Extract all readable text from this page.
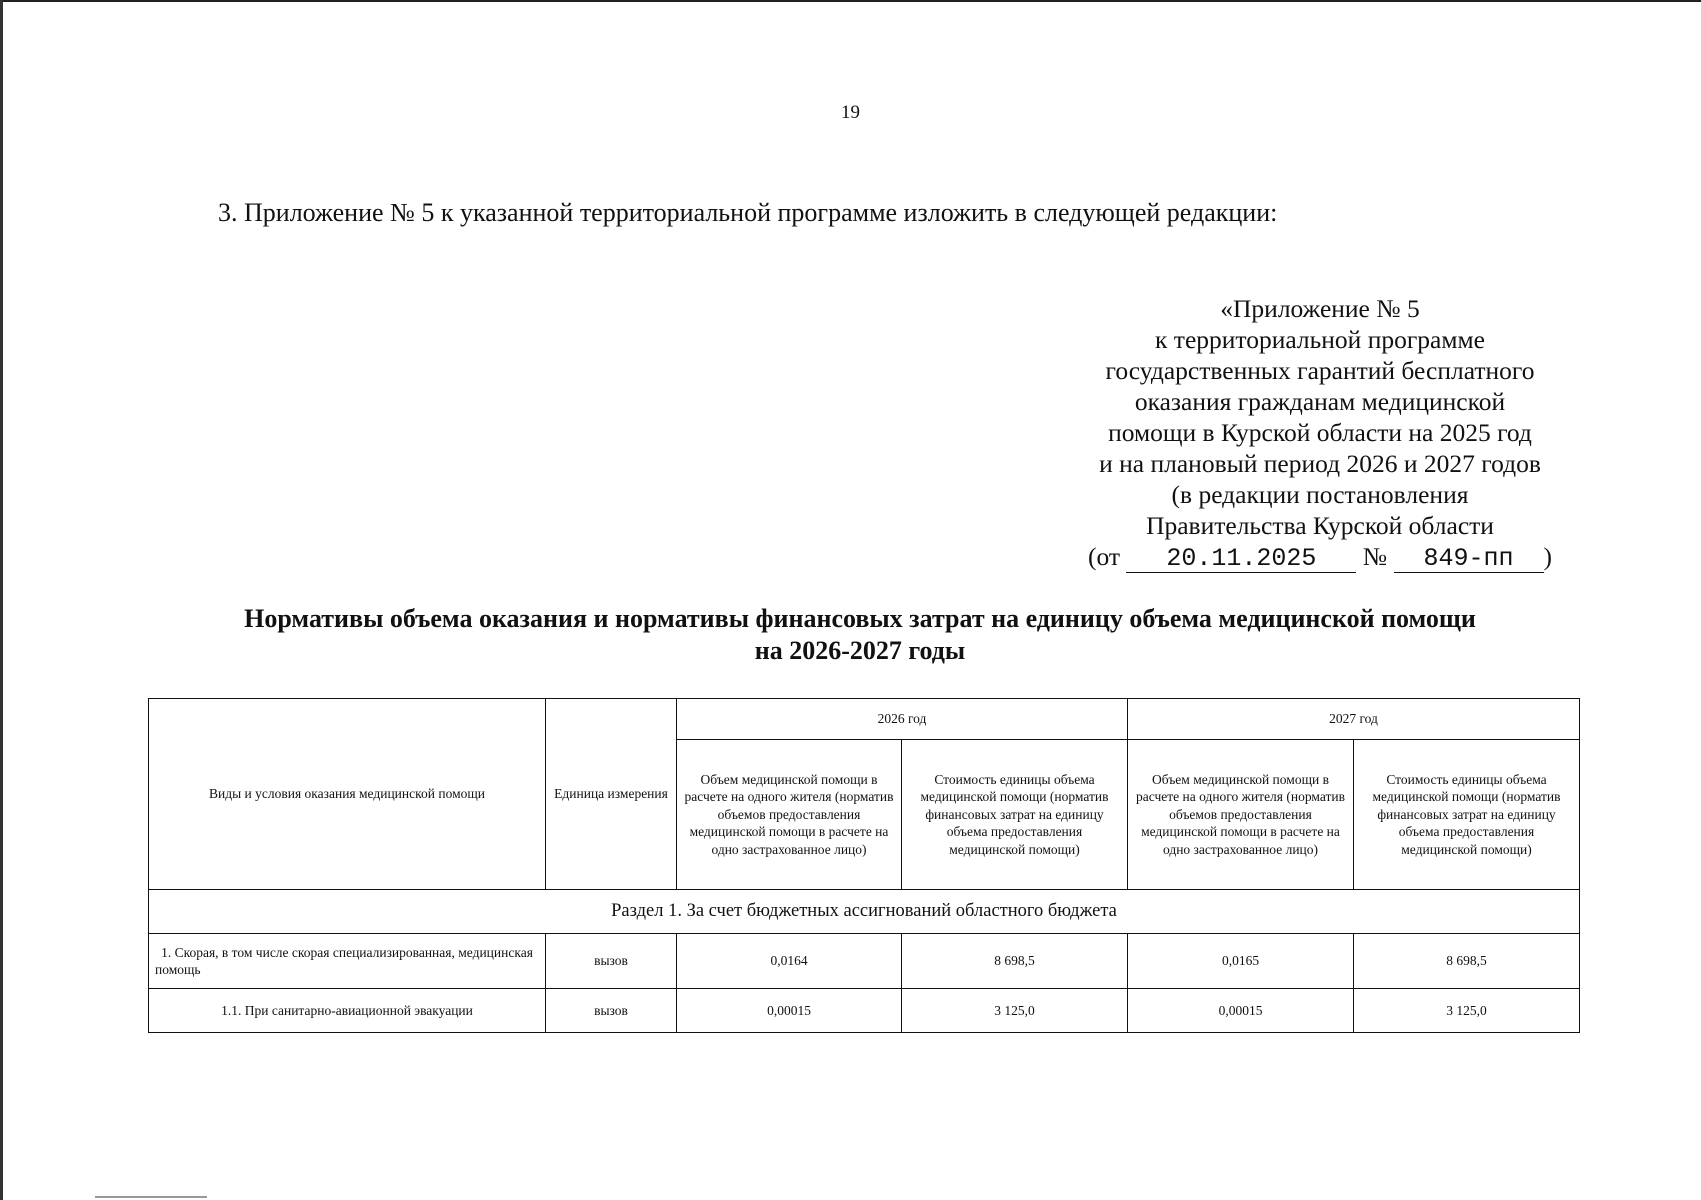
19
3. Приложение № 5 к указанной территориальной программе изложить в следующей редакции:
«Приложение № 5
к территориальной программе
государственных гарантий бесплатного
оказания гражданам медицинской
помощи в Курской области на 2025 год
и на плановый период 2026 и 2027 годов
(в редакции постановления
Правительства Курской области
(от 20.11.2025 № 849-пп )
Нормативы объема оказания и нормативы финансовых затрат на единицу объема медицинской помощи
на 2026-2027 годы
Виды и условия оказания медицинской помощи	Единица измерения	2026 год		2027 год	
		Объем медицинской помощи в расчете на одного жителя (норматив объемов предоставления медицинской помощи в расчете на одно застрахованное лицо)	Стоимость единицы объема медицинской помощи (норматив финансовых затрат на единицу объема предоставления медицинской помощи)	Объем медицинской помощи в расчете на одного жителя (норматив объемов предоставления медицинской помощи в расчете на одно застрахованное лицо)	Стоимость единицы объема медицинской помощи (норматив финансовых затрат на единицу объема предоставления медицинской помощи)
Раздел 1. За счет бюджетных ассигнований областного бюджета					
1. Скорая, в том числе скорая специализированная, медицинская помощь	вызов	0,0164	8 698,5	0,0165	8 698,5
1.1. При санитарно-авиационной эвакуации	вызов	0,00015	3 125,0	0,00015	3 125,0
